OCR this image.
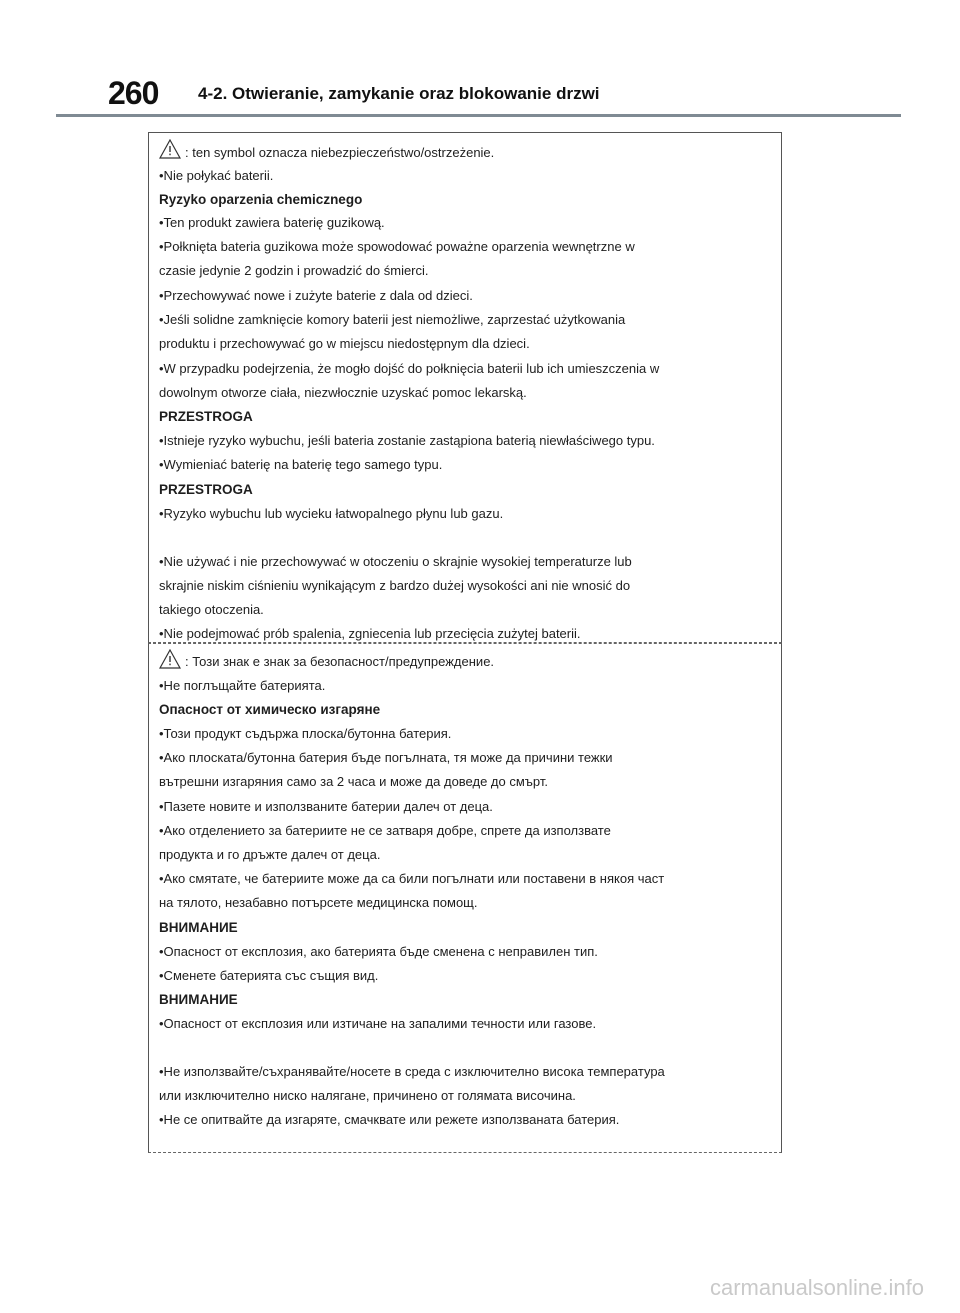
260 4-2. Otwieranie, zamykanie oraz blokowanie drzwi
: ten symbol oznacza niebezpieczeństwo/ostrzeżenie.
•Nie połykać baterii.
Ryzyko oparzenia chemicznego
•Ten produkt zawiera baterię guzikową.
•Połknięta bateria guzikowa może spowodować poważne oparzenia wewnętrzne w
czasie jedynie 2 godzin i prowadzić do śmierci.
•Przechowywać nowe i zużyte baterie z dala od dzieci.
•Jeśli solidne zamknięcie komory baterii jest niemożliwe, zaprzestać użytkowania
produktu i przechowywać go w miejscu niedostępnym dla dzieci.
•W przypadku podejrzenia, że mogło dojść do połknięcia baterii lub ich umieszczenia w
dowolnym otworze ciała, niezwłocznie uzyskać pomoc lekarską.
PRZESTROGA
•Istnieje ryzyko wybuchu, jeśli bateria zostanie zastąpiona baterią niewłaściwego typu.
•Wymieniać baterię na baterię tego samego typu.
PRZESTROGA
•Ryzyko wybuchu lub wycieku łatwopalnego płynu lub gazu.
•Nie używać i nie przechowywać w otoczeniu o skrajnie wysokiej temperaturze lub
skrajnie niskim ciśnieniu wynikającym z bardzo dużej wysokości ani nie wnosić do
takiego otoczenia.
•Nie podejmować prób spalenia, zgniecenia lub przecięcia zużytej baterii.
: Този знак е знак за безопасност/предупреждение.
•Не поглъщайте батерията.
Опасност от химическо изгаряне
•Този продукт съдържа плоска/бутонна батерия.
•Ако плоската/бутонна батерия бъде погълната, тя може да причини тежки
вътрешни изгаряния само за 2 часа и може да доведе до смърт.
•Пазете новите и използваните батерии далеч от деца.
•Ако отделението за батериите не се затваря добре, спрете да използвате
продукта и го дръжте далеч от деца.
•Ако смятате, че батериите може да са били погълнати или поставени в някоя част
на тялото, незабавно потърсете медицинска помощ.
ВНИМАНИЕ
•Опасност от експлозия, ако батерията бъде сменена с неправилен тип.
•Сменете батерията със същия вид.
ВНИМАНИЕ
•Опасност от експлозия или изтичане на запалими течности или газове.
•Не използвайте/съхранявайте/носете в среда с изключително висока температура
или изключително ниско налягане, причинено от голямата височина.
•Не се опитвайте да изгаряте, смачквате или режете използваната батерия.
carmanualsonline.info
